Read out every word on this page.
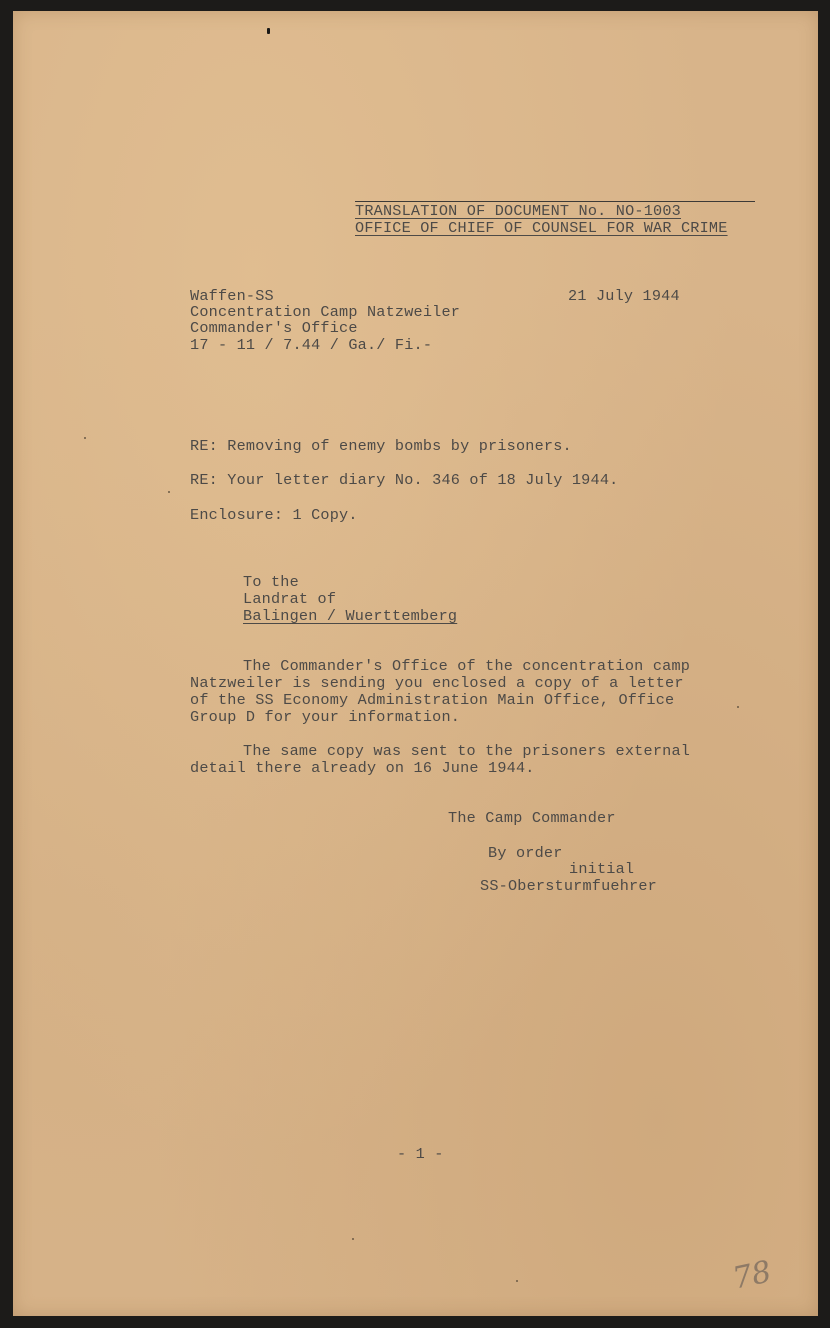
TRANSLATION OF DOCUMENT No. NO-1003
OFFICE OF CHIEF OF COUNSEL FOR WAR CRIME
Waffen-SS
Concentration Camp Natzweiler
Commander's Office
17 - 11 / 7.44 / Ga./ Fi.-
21 July 1944
RE: Removing of enemy bombs by prisoners.
RE: Your letter diary No. 346 of 18 July 1944.
Enclosure: 1 Copy.
To the
Landrat of
Balingen / Wuerttemberg
The Commander's Office of the concentration camp
Natzweiler is sending you enclosed a copy of a letter
of the SS Economy Administration Main Office, Office
Group D for your information.
The same copy was sent to the prisoners external
detail there already on 16 June 1944.
The Camp Commander
By order
initial
SS-Obersturmfuehrer
- 1 -
78
